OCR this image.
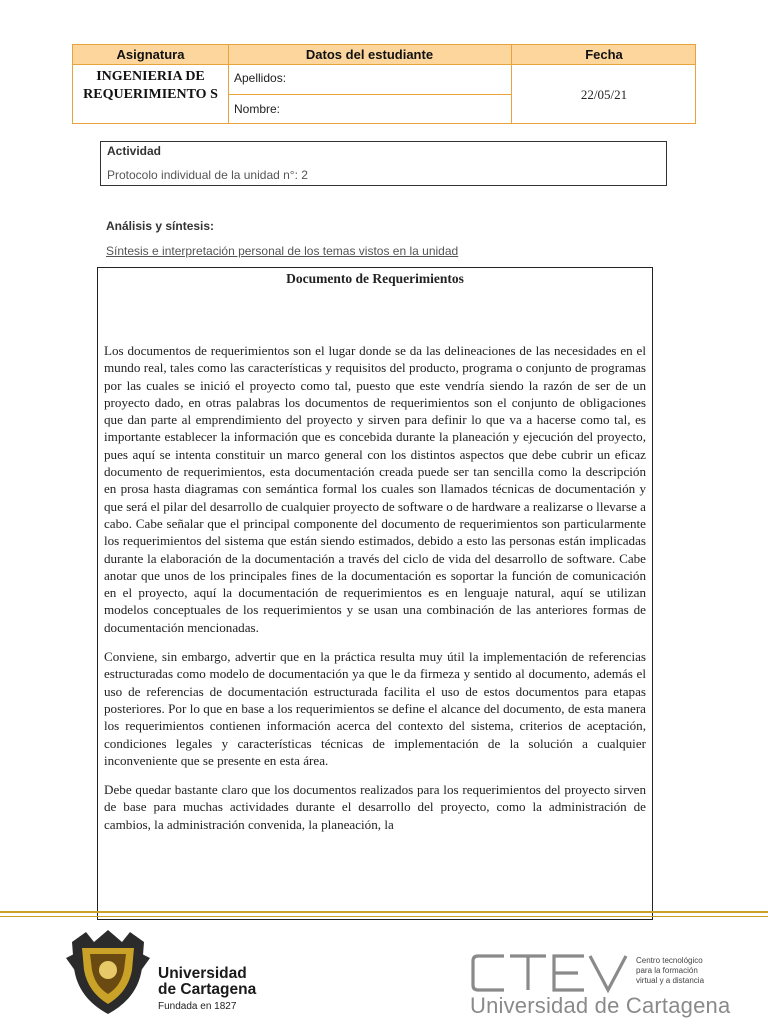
Asignatura	Datos del estudiante	Fecha
INGENIERIA DE REQUERIMIENTO S
Apellidos:
Nombre:
22/05/21
Actividad
Protocolo individual de la unidad n°: 2
Análisis y síntesis:
Síntesis e interpretación personal de los temas vistos en la unidad
Documento de Requerimientos

Los documentos de requerimientos son el lugar donde se da las delineaciones de las necesidades en el mundo real, tales como las características y requisitos del producto, programa o conjunto de programas por las cuales se inició el proyecto como tal, puesto que este vendría siendo la razón de ser de un proyecto dado, en otras palabras los documentos de requerimientos son el conjunto de obligaciones que dan parte al emprendimiento del proyecto y sirven para definir lo que va a hacerse como tal, es importante establecer la información que es concebida durante la planeación y ejecución del proyecto, pues aquí se intenta constituir un marco general con los distintos aspectos que debe cubrir un eficaz documento de requerimientos, esta documentación creada puede ser tan sencilla como la descripción en prosa hasta diagramas con semántica formal los cuales son llamados técnicas de documentación y que será el pilar del desarrollo de cualquier proyecto de software o de hardware a realizarse o llevarse a cabo. Cabe señalar que el principal componente del documento de requerimientos son particularmente los requerimientos del sistema que están siendo estimados, debido a esto las personas están implicadas durante la elaboración de la documentación a través del ciclo de vida del desarrollo de software. Cabe anotar que unos de los principales fines de la documentación es soportar la función de comunicación en el proyecto, aquí la documentación de requerimientos es en lenguaje natural, aquí se utilizan modelos conceptuales de los requerimientos y se usan una combinación de las anteriores formas de documentación mencionadas.

Conviene, sin embargo, advertir que en la práctica resulta muy útil la implementación de referencias estructuradas como modelo de documentación ya que le da firmeza y sentido al documento, además el uso de referencias de documentación estructurada facilita el uso de estos documentos para etapas posteriores. Por lo que en base a los requerimientos se define el alcance del documento, de esta manera los requerimientos contienen información acerca del contexto del sistema, criterios de aceptación, condiciones legales y características técnicas de implementación de la solución a cualquier inconveniente que se presente en esta área.

Debe quedar bastante claro que los documentos realizados para los requerimientos del proyecto sirven de base para muchas actividades durante el desarrollo del proyecto, como la administración de cambios, la administración convenida, la planeación, la

Universidad
de Cartagena
Fundada en 1827
Centro tecnológico
para la formación
virtual y a distancia
Universidad de Cartagena
